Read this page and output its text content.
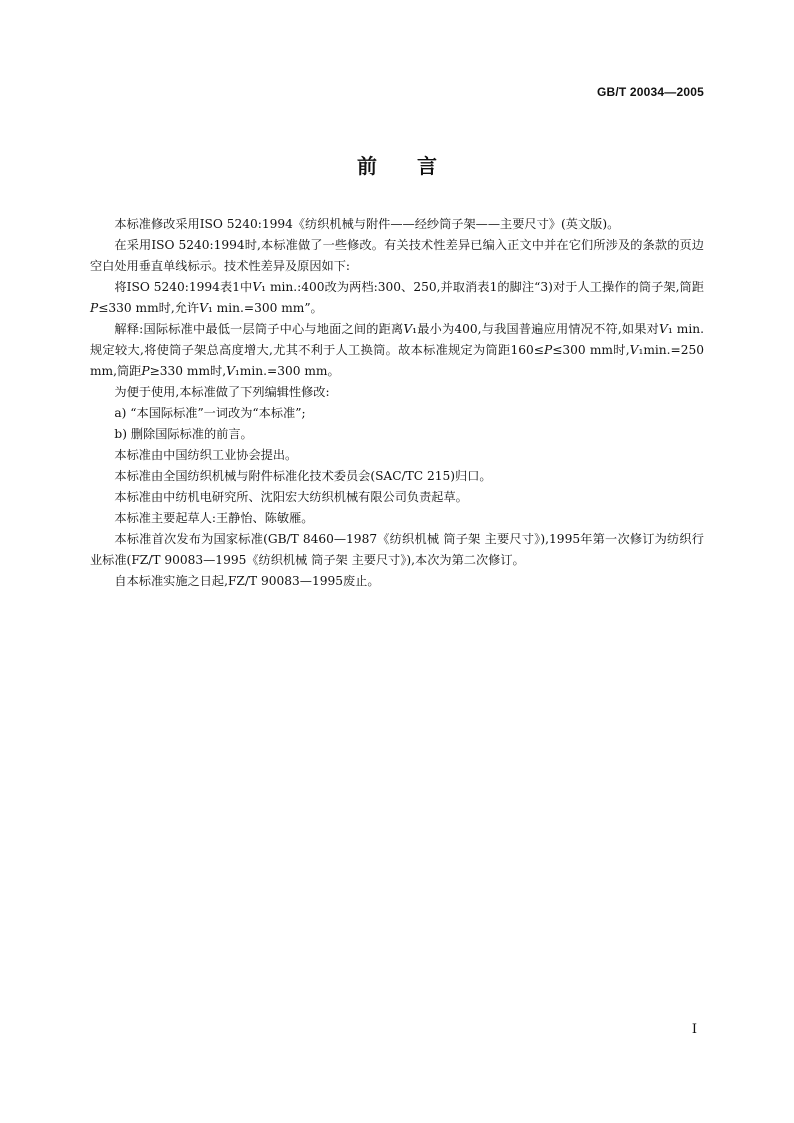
GB/T 20034—2005
前 言

本标准修改采用ISO 5240:1994《纺织机械与附件——经纱筒子架——主要尺寸》(英文版)。

在采用ISO 5240:1994时,本标准做了一些修改。有关技术性差异已编入正文中并在它们所涉及的条款的页边空白处用垂直单线标示。技术性差异及原因如下:

将ISO 5240:1994表1中V₁ min.:400改为两档:300、250,并取消表1的脚注“3)对于人工操作的筒子架,筒距P≤330 mm时,允许V₁ min.=300 mm”。

解释:国际标准中最低一层筒子中心与地面之间的距离V₁最小为400,与我国普遍应用情况不符,如果对V₁ min.规定较大,将使筒子架总高度增大,尤其不利于人工换筒。故本标准规定为筒距160≤P≤300 mm时,V₁min.=250 mm,筒距P≥330 mm时,V₁min.=300 mm。

为便于使用,本标准做了下列编辑性修改:

a) “本国际标准”一词改为“本标准”;

b) 删除国际标准的前言。

本标准由中国纺织工业协会提出。

本标准由全国纺织机械与附件标准化技术委员会(SAC/TC 215)归口。

本标准由中纺机电研究所、沈阳宏大纺织机械有限公司负责起草。

本标准主要起草人:王静怡、陈敏雁。

本标准首次发布为国家标准(GB/T 8460—1987《纺织机械 筒子架 主要尺寸》),1995年第一次修订为纺织行业标准(FZ/T 90083—1995《纺织机械 筒子架 主要尺寸》),本次为第二次修订。

自本标准实施之日起,FZ/T 90083—1995废止。

I
